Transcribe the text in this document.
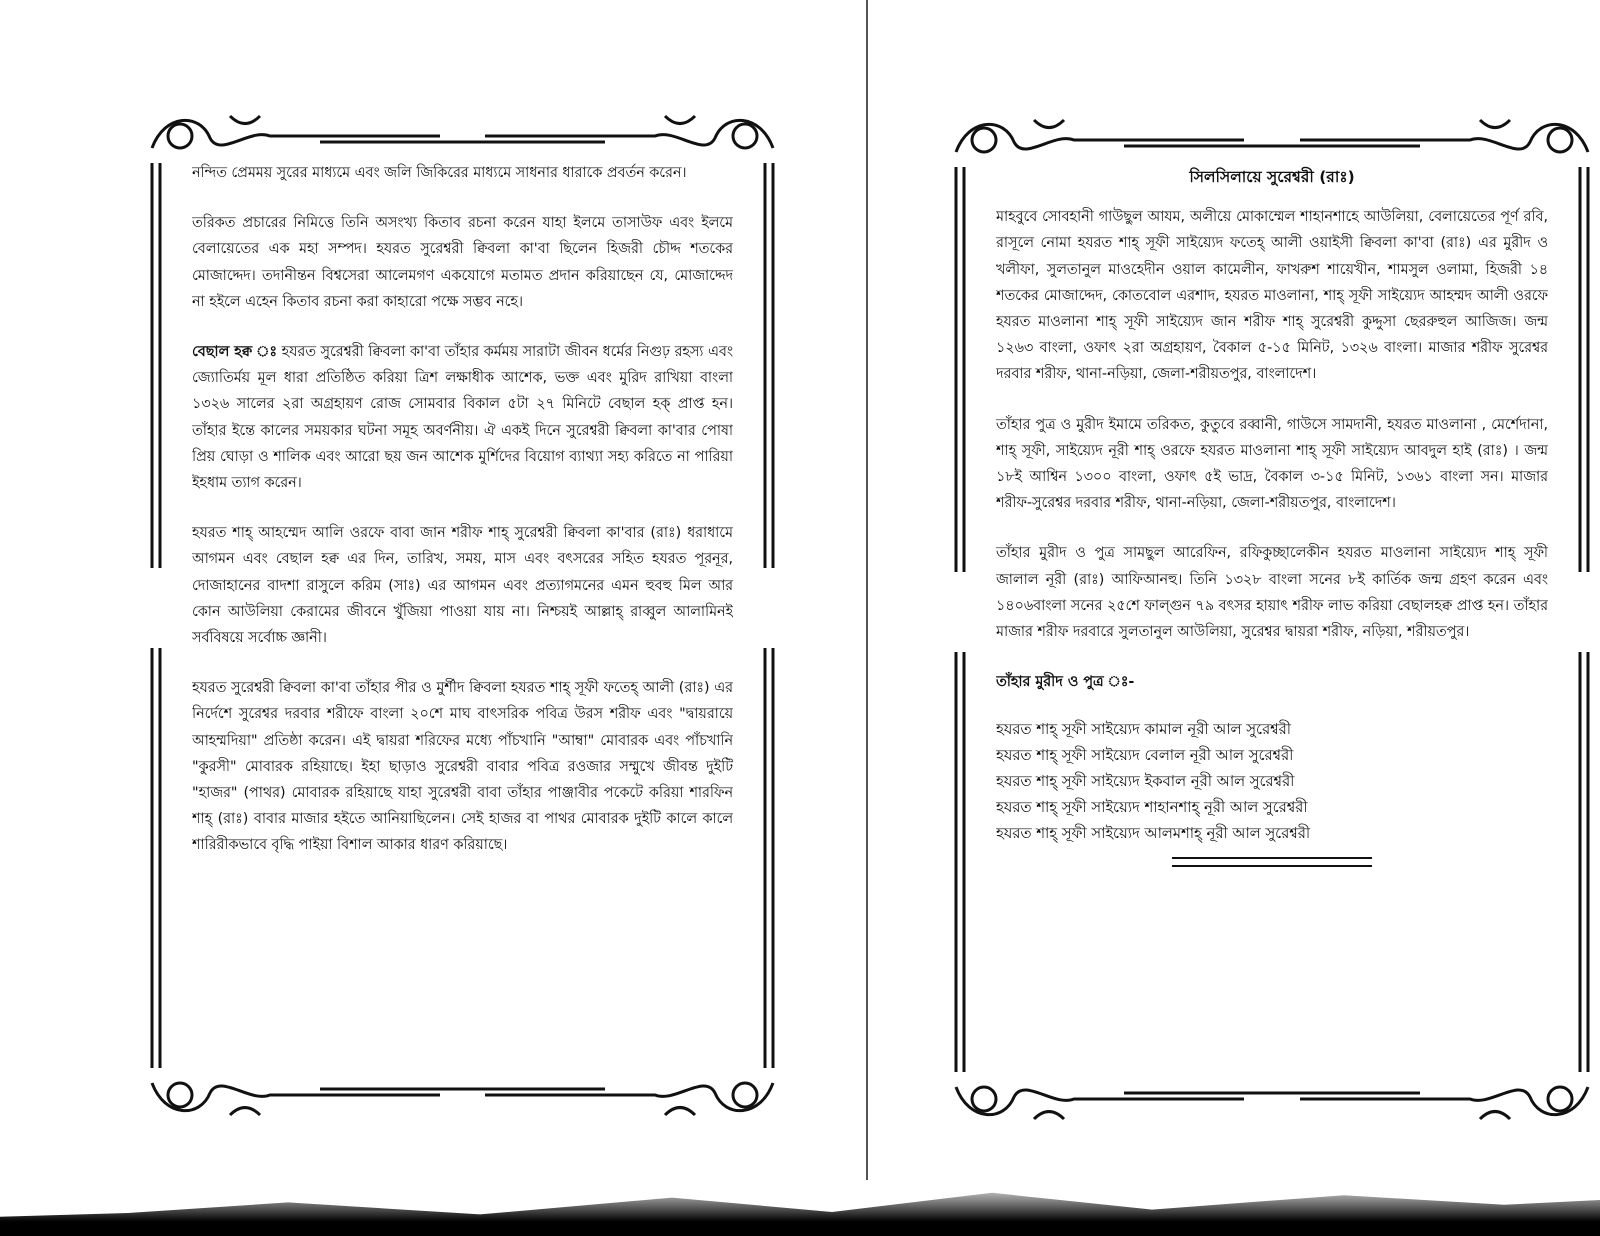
নন্দিত প্রেমময় সুরের মাধ্যমে এবং জলি জিকিরের মাধ্যমে সাধনার ধারাকে প্রবর্তন করেন।

তরিকত প্রচারের নিমিত্তে তিনি অসংখ্য কিতাব রচনা করেন যাহা ইলমে তাসাউফ এবং ইলমে বেলায়েতের এক মহা সম্পদ। হযরত সুরেশ্বরী ক্বিবলা কা'বা ছিলেন হিজরী চৌদ্দ শতকের মোজাদ্দেদ। তদানীন্তন বিশ্বসেরা আলেমগণ একযোগে মতামত প্রদান করিয়াছেন যে, মোজাদ্দেদ না হইলে এহেন কিতাব রচনা করা কাহারো পক্ষে সম্ভব নহে।

বেছাল হক্ব ঃ হযরত সুরেশ্বরী ক্বিবলা কা'বা তাঁহার কর্মময় সারাটা জীবন ধর্মের নিগুঢ় রহস্য এবং জ্যোতির্ময় মূল ধারা প্রতিষ্ঠিত করিয়া ত্রিশ লক্ষাধীক আশেক, ভক্ত এবং মুরিদ রাখিয়া বাংলা ১৩২৬ সালের ২রা অগ্রহায়ণ রোজ সোমবার বিকাল ৫টা ২৭ মিনিটে বেছাল হক্ প্রাপ্ত হন। তাঁহার ইন্তে কালের সময়কার ঘটনা সমূহ অবর্ণনীয়। ঐ একই দিনে সুরেশ্বরী ক্বিবলা কা'বার পোষা প্রিয় ঘোড়া ও শালিক এবং আরো ছয় জন আশেক মুর্শিদের বিয়োগ ব্যাথ্যা সহ্য করিতে না পারিয়া ইহধাম ত্যাগ করেন।

হযরত শাহ্ আহম্মেদ আলি ওরফে বাবা জান শরীফ শাহ্ সুরেশ্বরী ক্বিবলা কা'বার (রাঃ) ধরাধামে আগমন এবং বেছাল হক্ব এর দিন, তারিখ, সময়, মাস এবং বৎসরের সহিত হযরত পূরনূর, দোজাহানের বাদশা রাসুলে করিম (সাঃ) এর আগমন এবং প্রত্যাগমনের এমন হুবহু মিল আর কোন আউলিয়া কেরামের জীবনে খুঁজিয়া পাওয়া যায় না। নিশ্চয়ই আল্লাহ্ রাব্বুল আলামিনই সর্ববিষয়ে সর্বোচ্চ জ্ঞানী।

হযরত সুরেশ্বরী ক্বিবলা কা'বা তাঁহার পীর ও মুর্শীদ ক্বিবলা হযরত শাহ্ সূফী ফতেহ্ আলী (রাঃ) এর নির্দেশে সুরেশ্বর দরবার শরীফে বাংলা ২০শে মাঘ বাৎসরিক পবিত্র উরস শরীফ এবং "দ্বায়রায়ে আহম্মদিয়া" প্রতিষ্ঠা করেন। এই দ্বায়রা শরিফের মধ্যে পাঁচখানি "আম্বা" মোবারক এবং পাঁচখানি "কুরসী" মোবারক রহিয়াছে। ইহা ছাড়াও সুরেশ্বরী বাবার পবিত্র রওজার সম্মুখে জীবন্ত দুইটি "হাজর" (পাথর) মোবারক রহিয়াছে যাহা সুরেশ্বরী বাবা তাঁহার পাঞ্জাবীর পকেটে করিয়া শারফিন শাহ্ (রাঃ) বাবার মাজার হইতে আনিয়াছিলেন। সেই হাজর বা পাথর মোবারক দুইটি কালে কালে শারিরীকভাবে বৃদ্ধি পাইয়া বিশাল আকার ধারণ করিয়াছে।

সিলসিলায়ে সুরেশ্বরী (রাঃ)

মাহবুবে সোবহানী গাউছুল আযম, অলীয়ে মোকাম্মেল শাহানশাহে আউলিয়া, বেলায়েতের পূর্ণ রবি, রাসূলে নোমা হযরত শাহ্ সূফী সাইয়্যেদ ফতেহ্ আলী ওয়াইসী ক্বিবলা কা'বা (রাঃ) এর মুরীদ ও খলীফা, সুলতানুল মাওহেদীন ওয়াল কামেলীন, ফাখরুশ শায়েখীন, শামসুল ওলামা, হিজরী ১৪ শতকের মোজাদ্দেদ, কোতবোল এরশাদ, হযরত মাওলানা, শাহ্ সূফী সাইয়্যেদ আহম্মদ আলী ওরফে হযরত মাওলানা শাহ্ সূফী সাইয়্যেদ জান শরীফ শাহ্ সুরেশ্বরী কুদ্দুসা ছেররুহুল আজিজ। জন্ম ১২৬৩ বাংলা, ওফাৎ ২রা অগ্রহায়ণ, বৈকাল ৫-১৫ মিনিট, ১৩২৬ বাংলা। মাজার শরীফ সুরেশ্বর দরবার শরীফ, থানা-নড়িয়া, জেলা-শরীয়তপুর, বাংলাদেশ।

তাঁহার পুত্র ও মুরীদ ইমামে তরিকত, কুতুবে রব্বানী, গাউসে সামদানী, হযরত মাওলানা , মের্শেদানা, শাহ্ সূফী, সাইয়্যেদ নূরী শাহ্ ওরফে হযরত মাওলানা শাহ্ সূফী সাইয়্যেদ আবদুল হাই (রাঃ) । জন্ম ১৮ই আশ্বিন ১৩০০ বাংলা, ওফাৎ ৫ই ভাদ্র, বৈকাল ৩-১৫ মিনিট, ১৩৬১ বাংলা সন। মাজার শরীফ-সুরেশ্বর দরবার শরীফ, থানা-নড়িয়া, জেলা-শরীয়তপুর, বাংলাদেশ।

তাঁহার মুরীদ ও পুত্র সামছুল আরেফিন, রফিকুচ্ছালেকীন হযরত মাওলানা সাইয়্যেদ শাহ্ সূফী জালাল নূরী (রাঃ) আফিআনহু। তিনি ১৩২৮ বাংলা সনের ৮ই কার্তিক জন্ম গ্রহণ করেন এবং ১৪০৬বাংলা সনের ২৫শে ফাল্গুন ৭৯ বৎসর হায়াৎ শরীফ লাভ করিয়া বেছালহক্ব প্রাপ্ত হন। তাঁহার মাজার শরীফ দরবারে সুলতানুল আউলিয়া, সুরেশ্বর দ্বায়রা শরীফ, নড়িয়া, শরীয়তপুর।

তাঁহার মুরীদ ও পুত্র ঃ-
হযরত শাহ্ সূফী সাইয়্যেদ কামাল নূরী আল সুরেশ্বরী
হযরত শাহ্ সূফী সাইয়্যেদ বেলাল নূরী আল সুরেশ্বরী
হযরত শাহ্ সূফী সাইয়্যেদ ইকবাল নূরী আল সুরেশ্বরী
হযরত শাহ্ সূফী সাইয়্যেদ শাহানশাহ্ নূরী আল সুরেশ্বরী
হযরত শাহ্ সূফী সাইয়্যেদ আলমশাহ্ নূরী আল সুরেশ্বরী
